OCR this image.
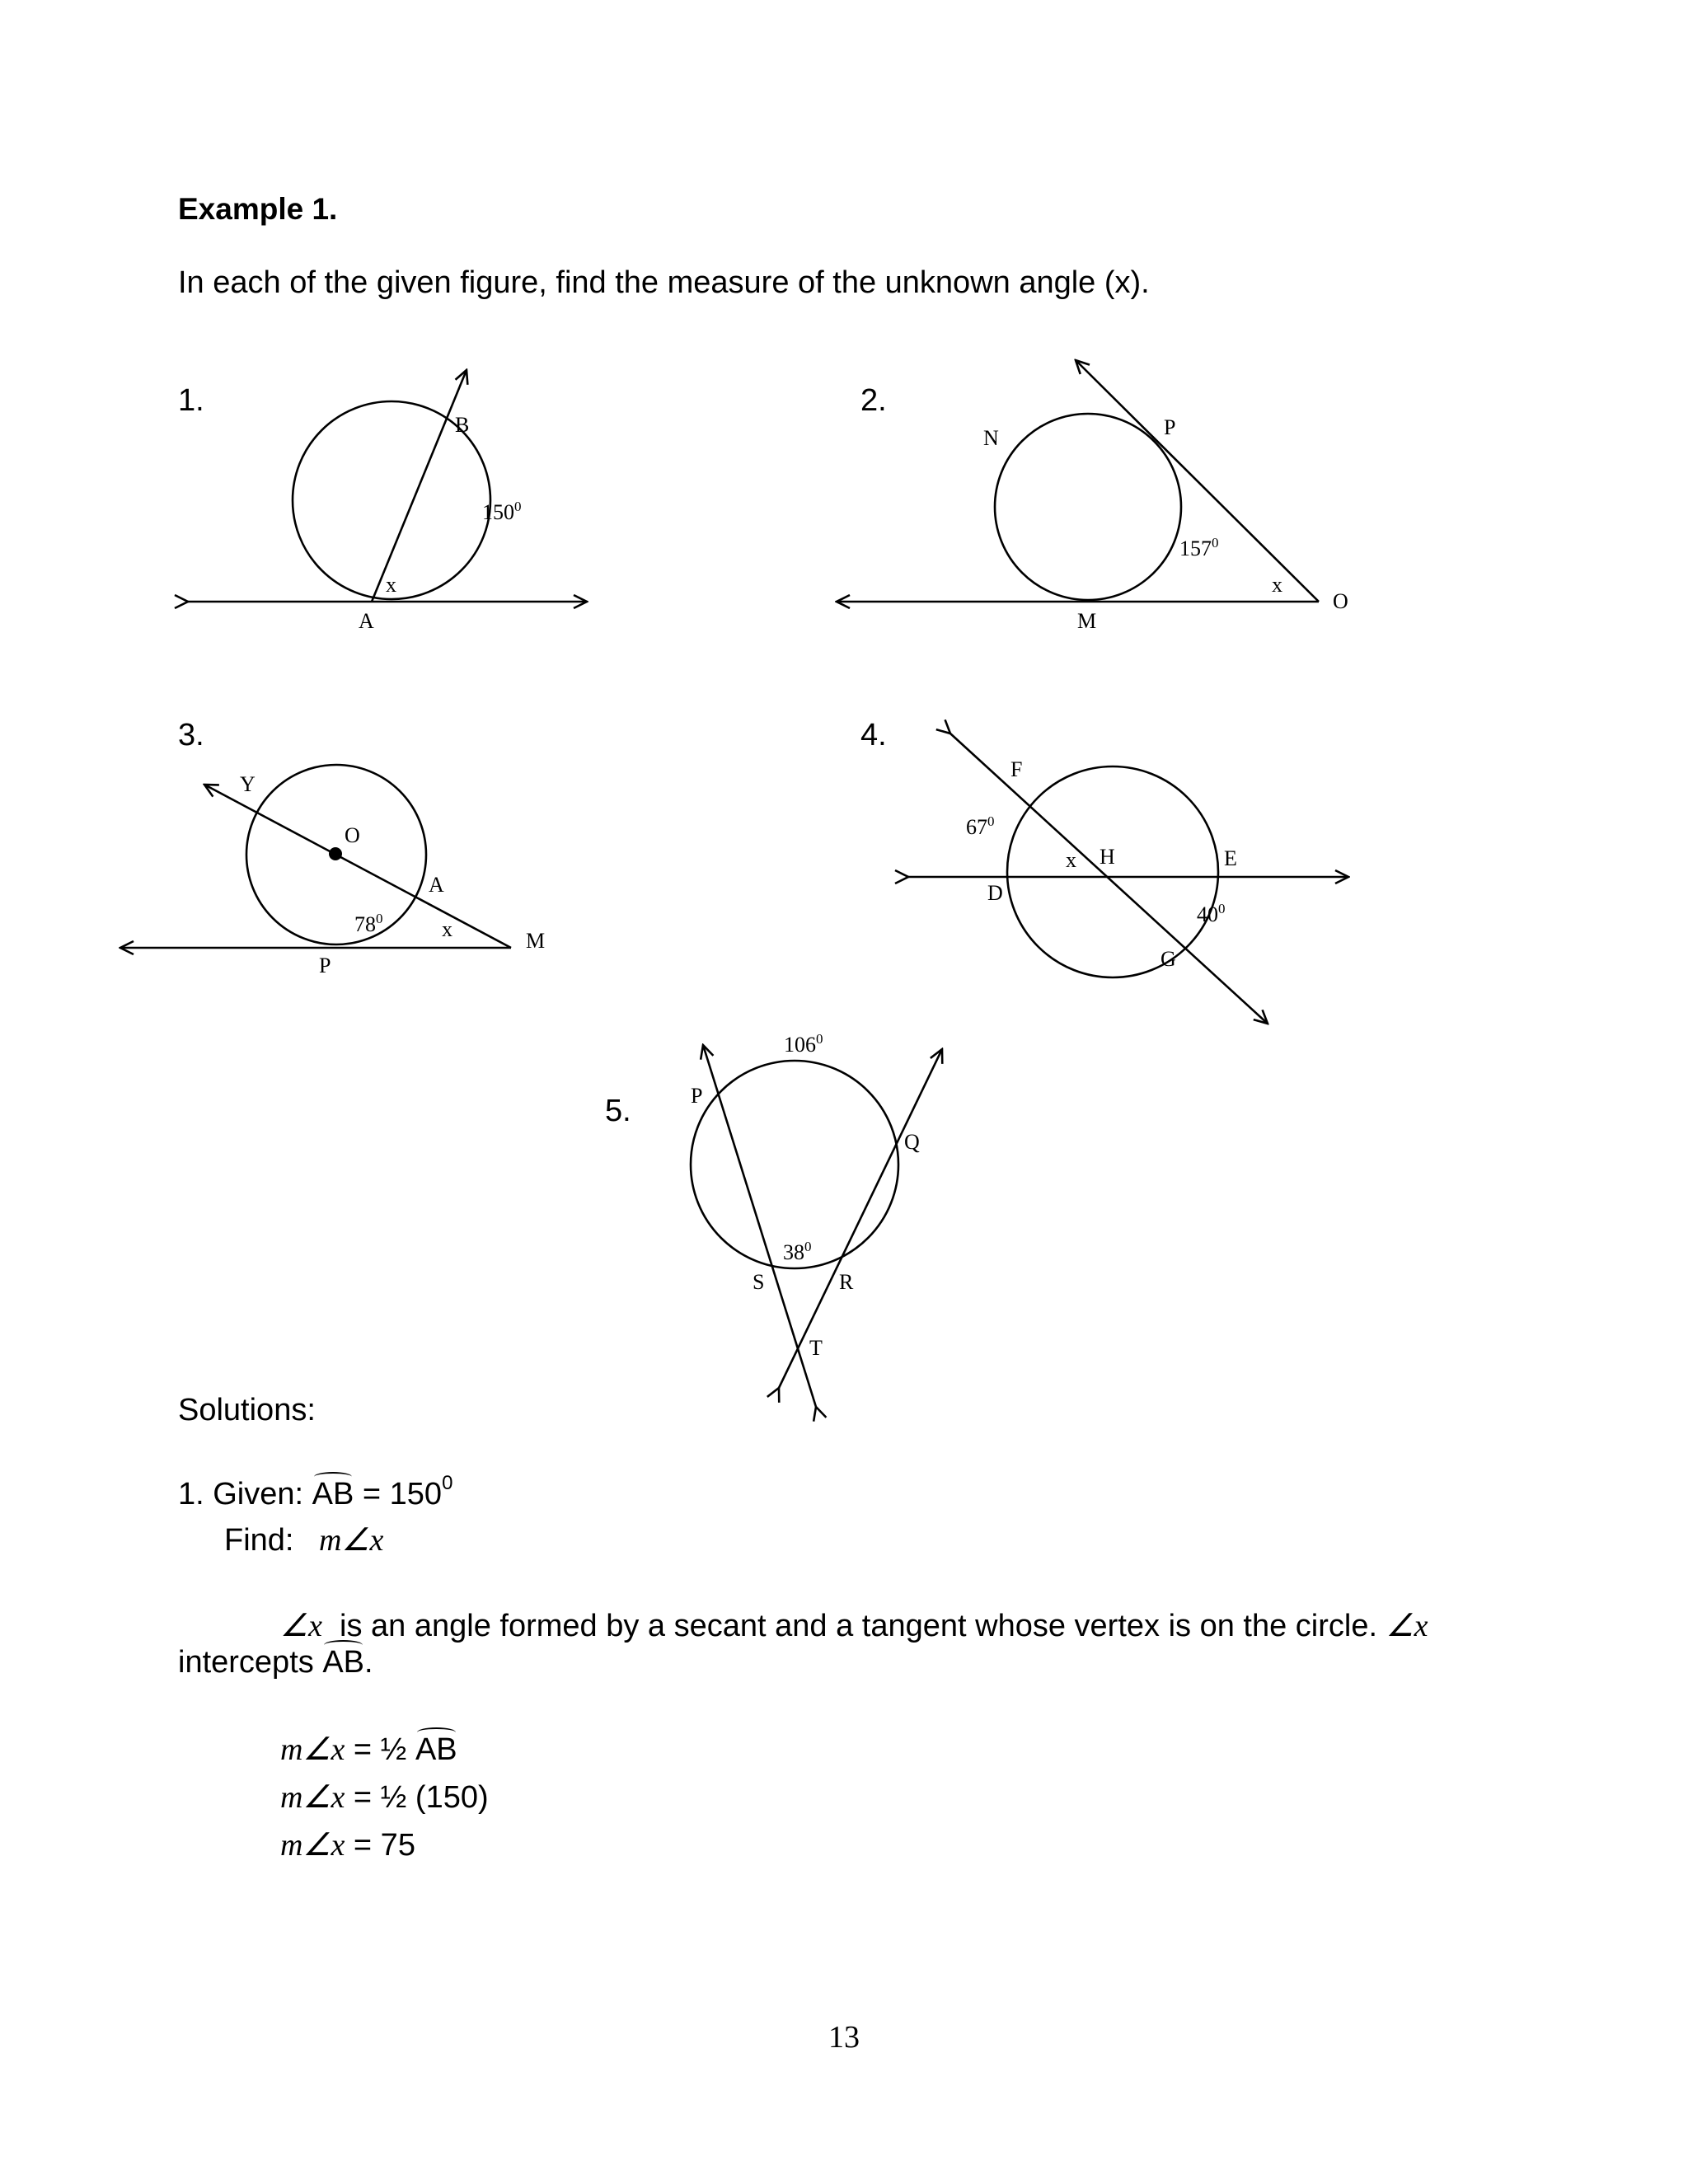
Example 1.
In each of the given figure, find the measure of the unknown angle (x).
1.
B
A
x
$150^0$
2.
N	P
M
O
x
$157^0$
3.
Y
O
A
M
P
x
$78^0$
4.
F
H	E
D
G
x
$67^0$
$40^0$
5.	P
Q
S	R
T
$106^0$
$38^0$
Solutions:
1. Given: AB = $150^0$
Find: m∠x
∠x  is an angle formed by a secant and a tangent whose vertex is on the circle. ∠x
intercepts AB.
m∠x = ½ AB
m∠x = ½ (150)
m∠x = 75
13
